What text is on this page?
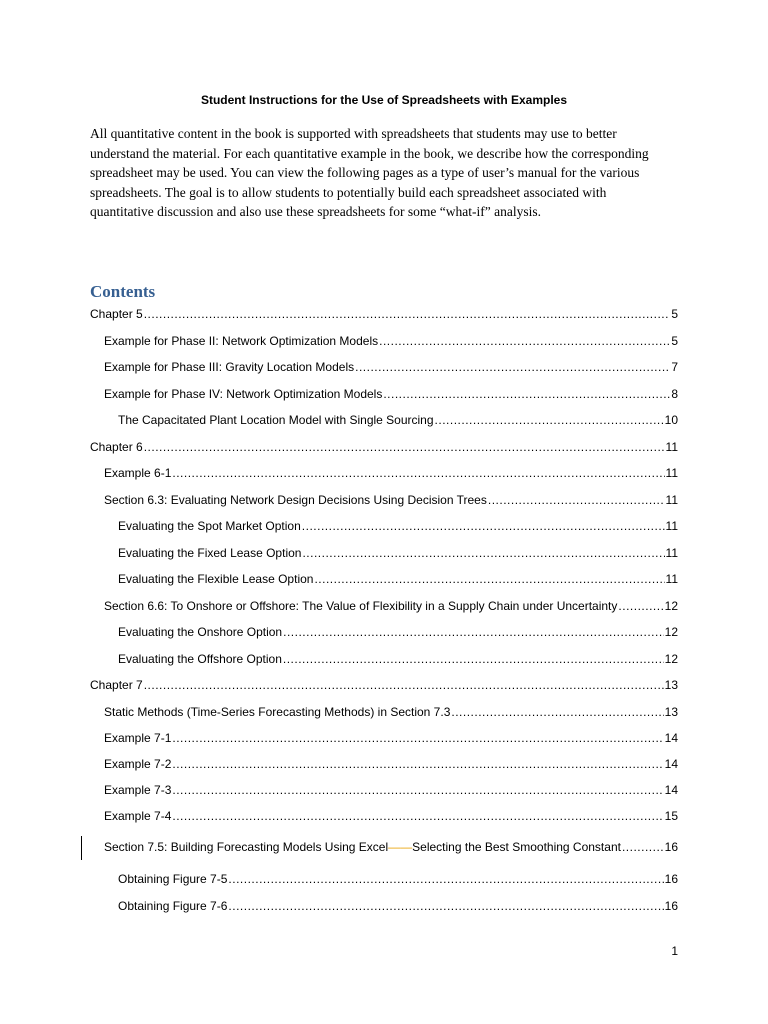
Student Instructions for the Use of Spreadsheets with Examples
All quantitative content in the book is supported with spreadsheets that students may use to better
understand the material. For each quantitative example in the book, we describe how the corresponding
spreadsheet may be used. You can view the following pages as a type of user’s manual for the various
spreadsheets. The goal is to allow students to potentially build each spreadsheet associated with
quantitative discussion and also use these spreadsheets for some “what-if” analysis.
Contents
Chapter 5 .....	5
Example for Phase II: Network Optimization Models .....	5
Example for Phase III: Gravity Location Models .....	7
Example for Phase IV: Network Optimization Models .....	8
The Capacitated Plant Location Model with Single Sourcing .....	10
Chapter 6 .....	11
Example 6-1 .....	11
Section 6.3: Evaluating Network Design Decisions Using Decision Trees .....	11
Evaluating the Spot Market Option .....	11
Evaluating the Fixed Lease Option .....	11
Evaluating the Flexible Lease Option .....	11
Section 6.6: To Onshore or Offshore: The Value of Flexibility in a Supply Chain under Uncertainty .....	12
Evaluating the Onshore Option .....	12
Evaluating the Offshore Option .....	12
Chapter 7 .....	13
Static Methods (Time-Series Forecasting Methods) in Section 7.3 .....	13
Example 7-1 .....	14
Example 7-2 .....	14
Example 7-3 .....	14
Example 7-4 .....	15
Section 7.5: Building Forecasting Models Using Excel —— Selecting the Best Smoothing Constant .....	16
Obtaining Figure 7-5 .....	16
Obtaining Figure 7-6 .....	16
1
